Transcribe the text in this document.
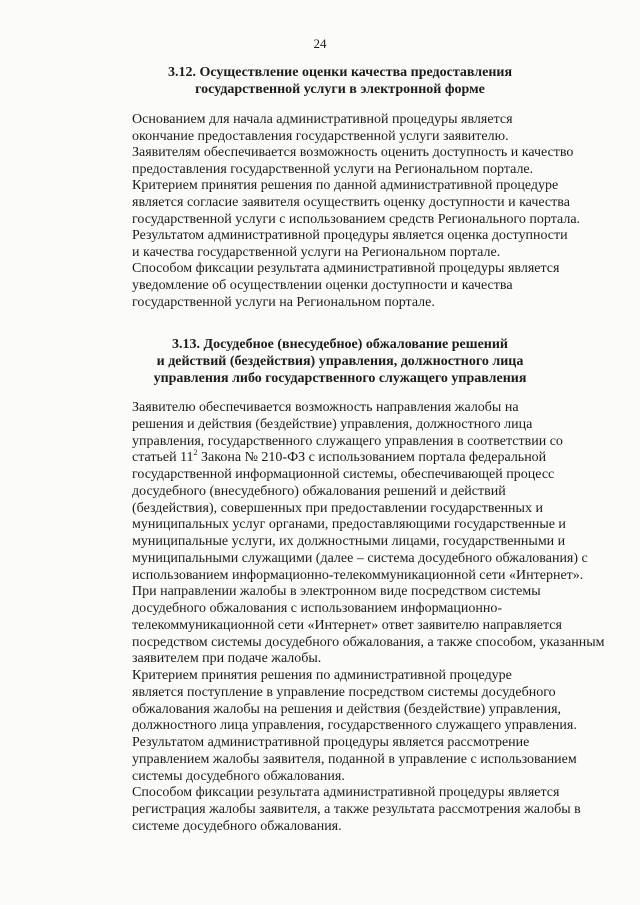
24
3.12. Осуществление оценки качества предоставления
государственной услуги в электронной форме

Основанием для начала административной процедуры является
окончание предоставления государственной услуги заявителю.

Заявителям обеспечивается возможность оценить доступность и качество
предоставления государственной услуги на Региональном портале.

Критерием принятия решения по данной административной процедуре
является согласие заявителя осуществить оценку доступности и качества
государственной услуги с использованием средств Регионального портала.

Результатом административной процедуры является оценка доступности
и качества государственной услуги на Региональном портале.

Способом фиксации результата административной процедуры является
уведомление об осуществлении оценки доступности и качества
государственной услуги на Региональном портале.

3.13. Досудебное (внесудебное) обжалование решений
и действий (бездействия) управления, должностного лица
управления либо государственного служащего управления

Заявителю обеспечивается возможность направления жалобы на
решения и действия (бездействие) управления, должностного лица
управления, государственного служащего управления в соответствии со
статьей $11^2$ Закона № 210-ФЗ с использованием портала федеральной
государственной информационной системы, обеспечивающей процесс
досудебного (внесудебного) обжалования решений и действий
(бездействия), совершенных при предоставлении государственных и
муниципальных услуг органами, предоставляющими государственные и
муниципальные услуги, их должностными лицами, государственными и
муниципальными служащими (далее – система досудебного обжалования) с
использованием информационно-телекоммуникационной сети «Интернет».

При направлении жалобы в электронном виде посредством системы
досудебного обжалования с использованием информационно-
телекоммуникационной сети «Интернет» ответ заявителю направляется
посредством системы досудебного обжалования, а также способом, указанным
заявителем при подаче жалобы.

Критерием принятия решения по административной процедуре
является поступление в управление посредством системы досудебного
обжалования жалобы на решения и действия (бездействие) управления,
должностного лица управления, государственного служащего управления.

Результатом административной процедуры является рассмотрение
управлением жалобы заявителя, поданной в управление с использованием
системы досудебного обжалования.

Способом фиксации результата административной процедуры является
регистрация жалобы заявителя, а также результата рассмотрения жалобы в
системе досудебного обжалования.
